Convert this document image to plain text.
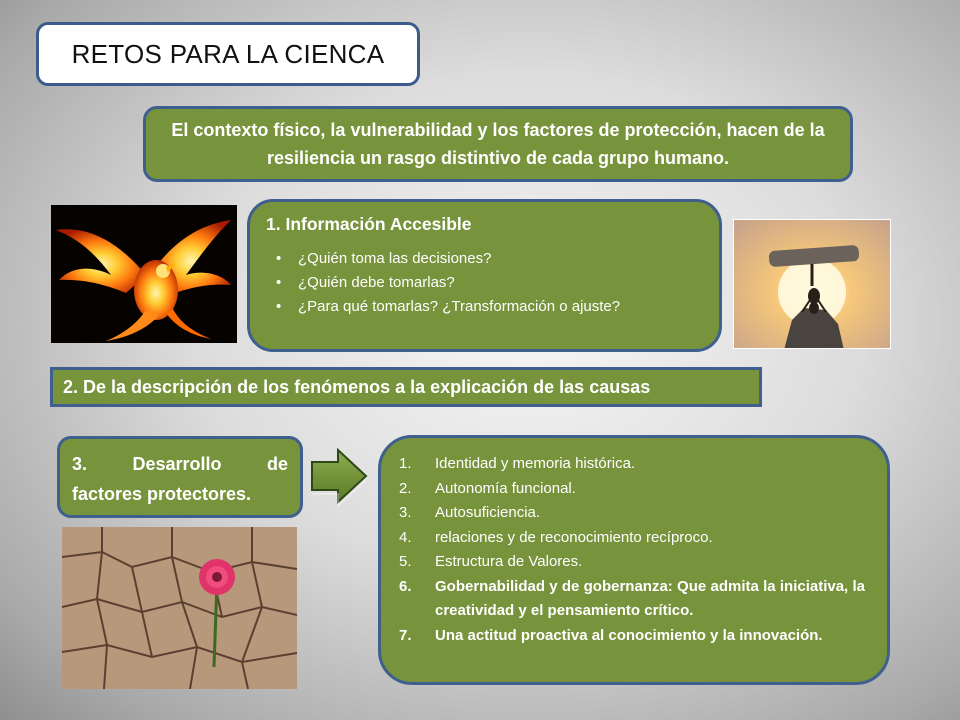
RETOS PARA LA CIENCA
El contexto físico, la vulnerabilidad y los factores de protección, hacen de la resiliencia un rasgo distintivo de cada grupo humano.

1. Información Accesible

•	¿Quién toma las decisiones?
•	¿Quién debe tomarlas?
•	¿Para qué tomarlas? ¿Transformación o ajuste?
2. De la descripción de los fenómenos a la explicación de las causas
3.	Desarrollo	de
factores protectores.
1.	Identidad y memoria histórica.
2.	Autonomía funcional.
3.	Autosuficiencia.
4.	relaciones y de reconocimiento recíproco.
5.	Estructura de Valores.
6.	Gobernabilidad y de gobernanza: Que admita la iniciativa, la creatividad y el pensamiento crítico.
7.	Una actitud proactiva al conocimiento y la innovación.
